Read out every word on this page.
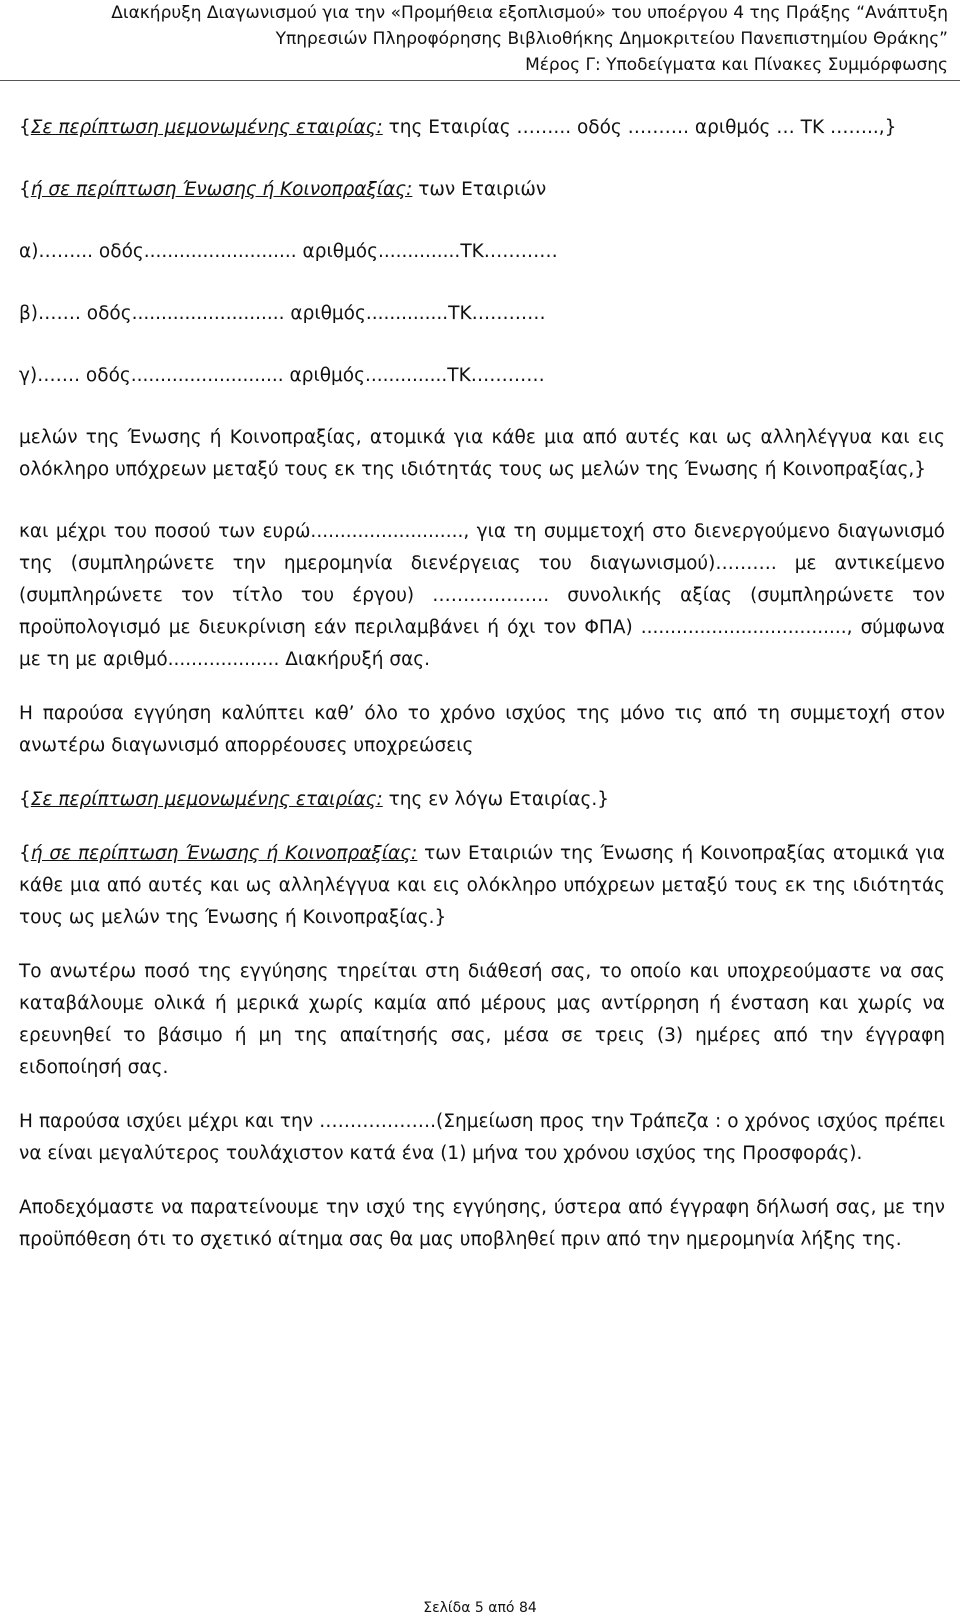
Διακήρυξη Διαγωνισμού για την «Προμήθεια εξοπλισμού» του υποέργου 4 της Πράξης “Ανάπτυξη
Υπηρεσιών Πληροφόρησης Βιβλιοθήκης Δημοκριτείου Πανεπιστημίου Θράκης”
Μέρος Γ: Υποδείγματα και Πίνακες Συμμόρφωσης

{Σε περίπτωση μεμονωμένης εταιρίας: της Εταιρίας ……... οδός ………. αριθμός … ΤΚ ……..,}

{ή σε περίπτωση Ένωσης ή Κοινοπραξίας: των Εταιριών

α)……... οδός.......................... αριθμός..............ΤΚ…………

β)……. οδός.......................... αριθμός..............ΤΚ…………

γ)……. οδός.......................... αριθμός..............ΤΚ…………

μελών της Ένωσης ή Κοινοπραξίας, ατομικά για κάθε μια από αυτές και ως αλληλέγγυα και εις ολόκληρο υπόχρεων μεταξύ τους εκ της ιδιότητάς τους ως μελών της Ένωσης ή Κοινοπραξίας,}

και μέχρι του ποσού των ευρώ.........................., για τη συμμετοχή στο διενεργούμενο διαγωνισμό της (συμπληρώνετε την ημερομηνία διενέργειας του διαγωνισμού)………. με αντικείμενο (συμπληρώνετε τον τίτλο του έργου) ………………. συνολικής αξίας (συμπληρώνετε τον προϋπολογισμό με διευκρίνιση εάν περιλαμβάνει ή όχι τον ΦΠΑ) ..................................., σύμφωνα με τη με αριθμό................... Διακήρυξή σας.

Η παρούσα εγγύηση καλύπτει καθ’ όλο το χρόνο ισχύος της μόνο τις από τη συμμετοχή στον ανωτέρω διαγωνισμό απορρέουσες υποχρεώσεις

{Σε περίπτωση μεμονωμένης εταιρίας: της εν λόγω Εταιρίας.}

{ή σε περίπτωση Ένωσης ή Κοινοπραξίας: των Εταιριών της Ένωσης ή Κοινοπραξίας ατομικά για κάθε μια από αυτές και ως αλληλέγγυα και εις ολόκληρο υπόχρεων μεταξύ τους εκ της ιδιότητάς τους ως μελών της Ένωσης ή Κοινοπραξίας.}

Το ανωτέρω ποσό της εγγύησης τηρείται στη διάθεσή σας, το οποίο και υποχρεούμαστε να σας καταβάλουμε ολικά ή μερικά χωρίς καμία από μέρους μας αντίρρηση ή ένσταση και χωρίς να ερευνηθεί το βάσιμο ή μη της απαίτησής σας, μέσα σε τρεις (3) ημέρες από την έγγραφη ειδοποίησή σας.

Η παρούσα ισχύει μέχρι και την ……………….(Σημείωση προς την Τράπεζα : ο χρόνος ισχύος πρέπει να είναι μεγαλύτερος τουλάχιστον κατά ένα (1) μήνα του χρόνου ισχύος της Προσφοράς).

Αποδεχόμαστε να παρατείνουμε την ισχύ της εγγύησης, ύστερα από έγγραφη δήλωσή σας, με την προϋπόθεση ότι το σχετικό αίτημα σας θα μας υποβληθεί πριν από την ημερομηνία λήξης της.

Σελίδα 5 από 84
